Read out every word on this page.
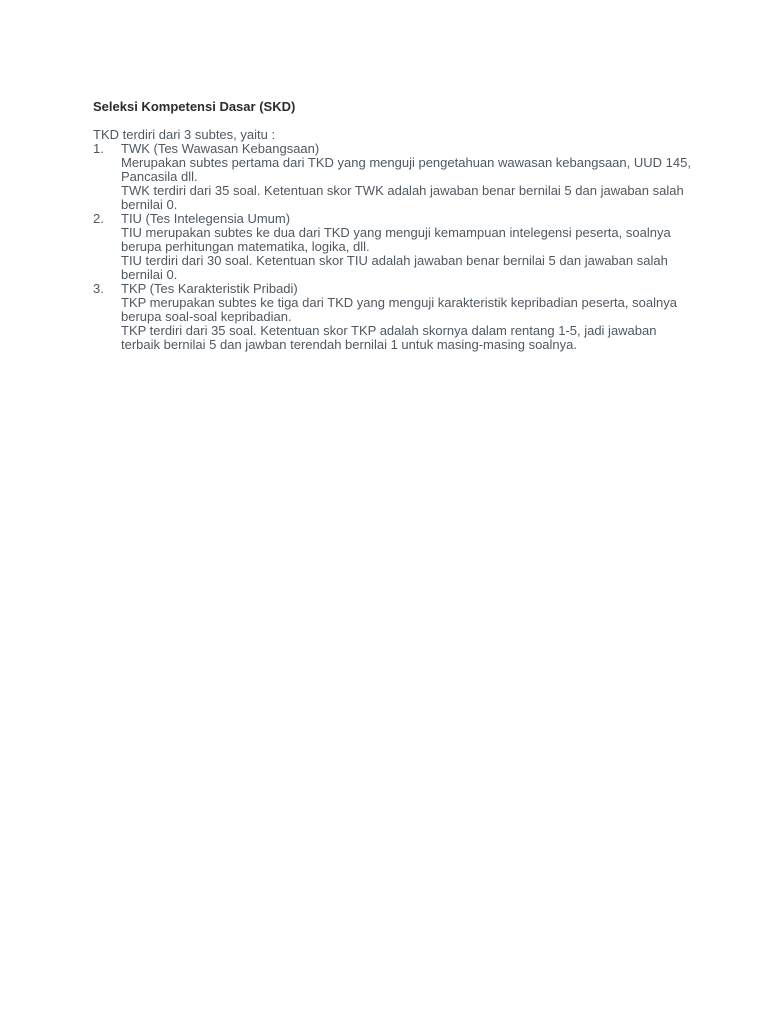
Seleksi Kompetensi Dasar (SKD)

TKD terdiri dari 3 subtes, yaitu :

1. TWK (Tes Wawasan Kebangsaan)
Merupakan subtes pertama dari TKD yang menguji pengetahuan wawasan kebangsaan, UUD 145, Pancasila dll.
TWK terdiri dari 35 soal. Ketentuan skor TWK adalah jawaban benar bernilai 5 dan jawaban salah bernilai 0.
2. TIU (Tes Intelegensia Umum)
TIU merupakan subtes ke dua dari TKD yang menguji kemampuan intelegensi peserta, soalnya berupa perhitungan matematika, logika, dll.
TIU terdiri dari 30 soal. Ketentuan skor TIU adalah jawaban benar bernilai 5 dan jawaban salah bernilai 0.
3. TKP (Tes Karakteristik Pribadi)
TKP merupakan subtes ke tiga dari TKD yang menguji karakteristik kepribadian peserta, soalnya berupa soal-soal kepribadian.
TKP terdiri dari 35 soal. Ketentuan skor TKP adalah skornya dalam rentang 1-5, jadi jawaban terbaik bernilai 5 dan jawban terendah bernilai 1 untuk masing-masing soalnya.
